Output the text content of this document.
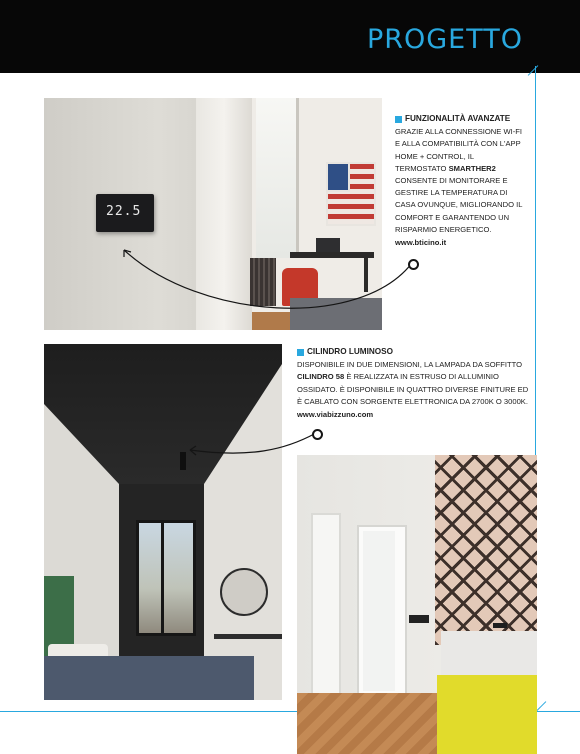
PROGETTO
22.5
FUNZIONALITÀ AVANZATE
GRAZIE ALLA CONNESSIONE WI-FI E ALLA COMPATIBILITÀ CON L'APP HOME + CONTROL, IL TERMOSTATO SMARTHER2 CONSENTE DI MONITORARE E GESTIRE LA TEMPERATURA DI CASA OVUNQUE, MIGLIORANDO IL COMFORT E GARANTENDO UN RISPARMIO ENERGETICO.
www.bticino.it
CILINDRO LUMINOSO
DISPONIBILE IN DUE DIMENSIONI, LA LAMPADA DA SOFFITTO CILINDRO 58 È REALIZZATA IN ESTRUSO DI ALLUMINIO OSSIDATO. È DISPONIBILE IN QUATTRO DIVERSE FINITURE ED È CABLATO CON SORGENTE ELETTRONICA DA 2700K O 3000K.
www.viabizzuno.com
